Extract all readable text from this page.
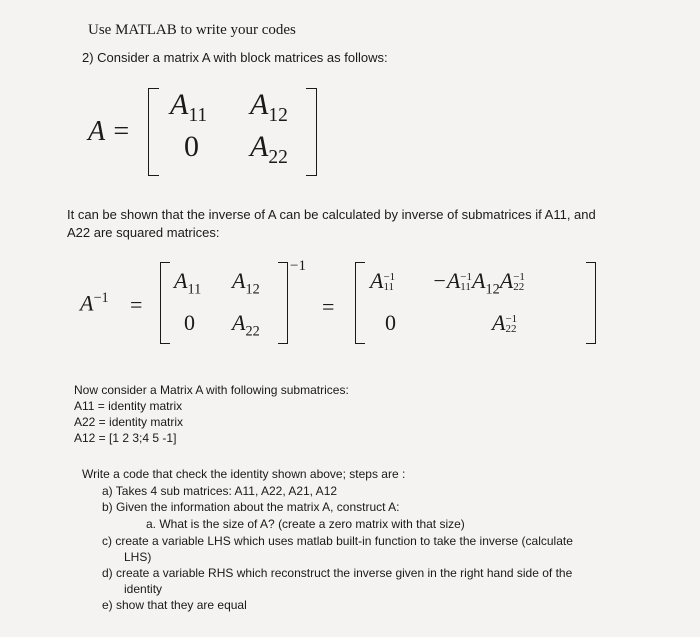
Use MATLAB to write your codes
2) Consider a matrix A with block matrices as follows:
A =
$A_{11}$ $A_{12}$
0 $A_{22}$
It can be shown that the inverse of A can be calculated by inverse of submatrices if A11, and
A22 are squared matrices:
$A^{-1}$ =
$A_{11}$ $A_{12}$
0 $A_{22}$
−1
=
A −1
11 −A −1
11 $A_{12}A -1$
22
0	A −1
22
Now consider a Matrix A with following submatrices:
A11 = identity matrix
A22 = identity matrix
A12 = [1 2 3;4 5 -1]
Write a code that check the identity shown above; steps are :
a) Takes 4 sub matrices: A11, A22, A21, A12
b) Given the information about the matrix A, construct A:
a. What is the size of A? (create a zero matrix with that size)
c) create a variable LHS which uses matlab built-in function to take the inverse (calculate
LHS)
d) create a variable RHS which reconstruct the inverse given in the right hand side of the
identity
e) show that they are equal
